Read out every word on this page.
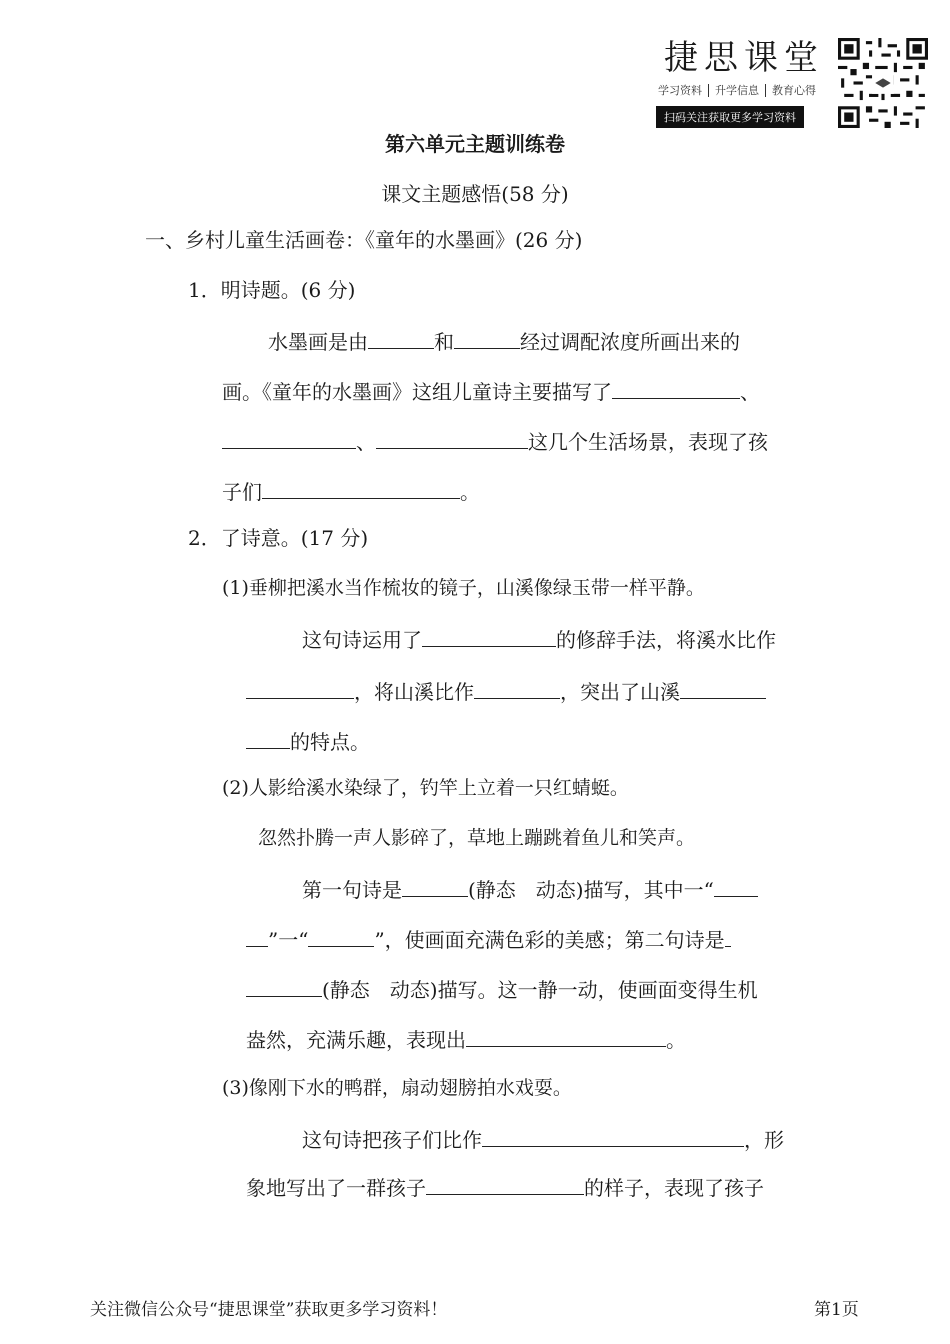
捷思课堂
学习资料 升学信息 教育心得
扫码关注获取更多学习资料
第六单元主题训练卷
课文主题感悟(58 分)
一、乡村儿童生活画卷：《童年的水墨画》(26 分)
1．明诗题。(6 分)
水墨画是由	和	经过调配浓度所画出来的
画。《童年的水墨画》这组儿童诗主要描写了	、
、	这几个生活场景，表现了孩
子们	。
2．了诗意。(17 分)
(1)垂柳把溪水当作梳妆的镜子，山溪像绿玉带一样平静。
这句诗运用了	的修辞手法，将溪水比作
，将山溪比作	，突出了山溪
的特点。
(2)人影给溪水染绿了，钓竿上立着一只红蜻蜓。
忽然扑腾一声人影碎了，草地上蹦跳着鱼儿和笑声。
第一句诗是	(静态　动态)描写，其中一“
”一“	”，使画面充满色彩的美感；第二句诗是
(静态　动态)描写。这一静一动，使画面变得生机
盎然，充满乐趣，表现出	。
(3)像刚下水的鸭群，扇动翅膀拍水戏耍。
这句诗把孩子们比作	，形
象地写出了一群孩子	的样子，表现了孩子
关注微信公众号“捷思课堂”获取更多学习资料！	第1页
